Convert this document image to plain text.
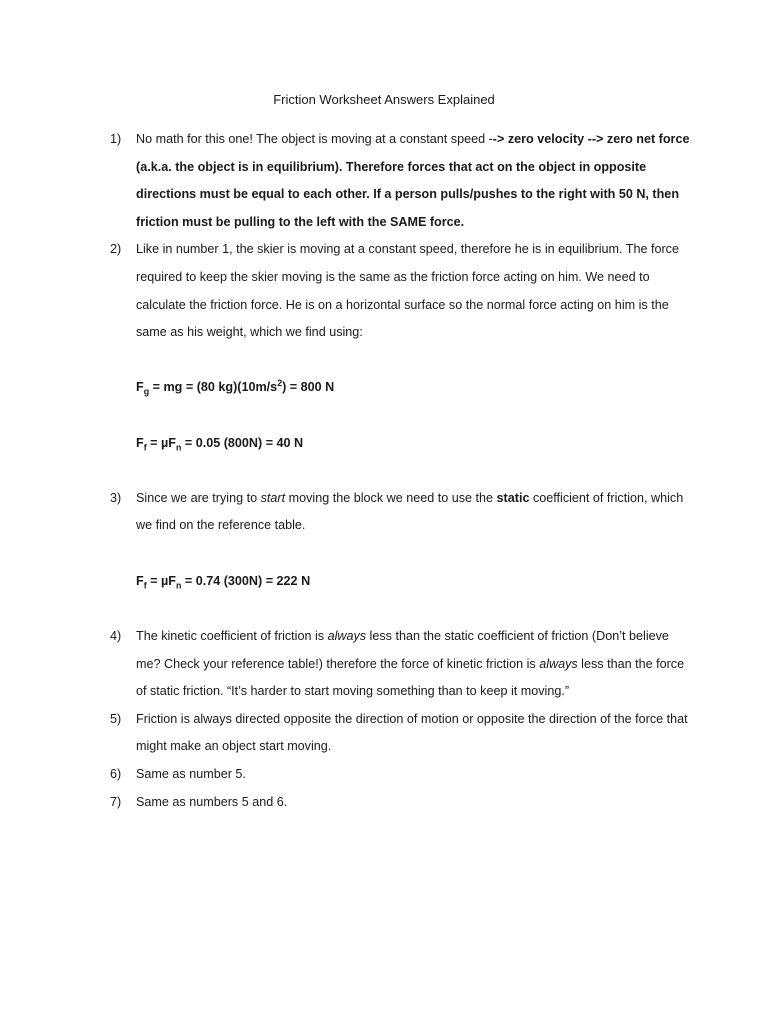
Friction Worksheet Answers Explained
1) No math for this one! The object is moving at a constant speed --> zero velocity --> zero net force (a.k.a. the object is in equilibrium). Therefore forces that act on the object in opposite directions must be equal to each other. If a person pulls/pushes to the right with 50 N, then friction must be pulling to the left with the SAME force.
2) Like in number 1, the skier is moving at a constant speed, therefore he is in equilibrium. The force required to keep the skier moving is the same as the friction force acting on him. We need to calculate the friction force. He is on a horizontal surface so the normal force acting on him is the same as his weight, which we find using:
$F_g$ = mg = (80 $kg)(10m/s^2) = 800$ N
$F_f = \mu F_n = 0.05$ (800N) = 40 N
3) Since we are trying to start moving the block we need to use the static coefficient of friction, which we find on the reference table.
$F_f = \mu F_n = 0.74$ (300N) = 222 N
4) The kinetic coefficient of friction is always less than the static coefficient of friction (Don’t believe me? Check your reference table!) therefore the force of kinetic friction is always less than the force of static friction. “It’s harder to start moving something than to keep it moving.”
5) Friction is always directed opposite the direction of motion or opposite the direction of the force that might make an object start moving.
6) Same as number 5.
7) Same as numbers 5 and 6.
